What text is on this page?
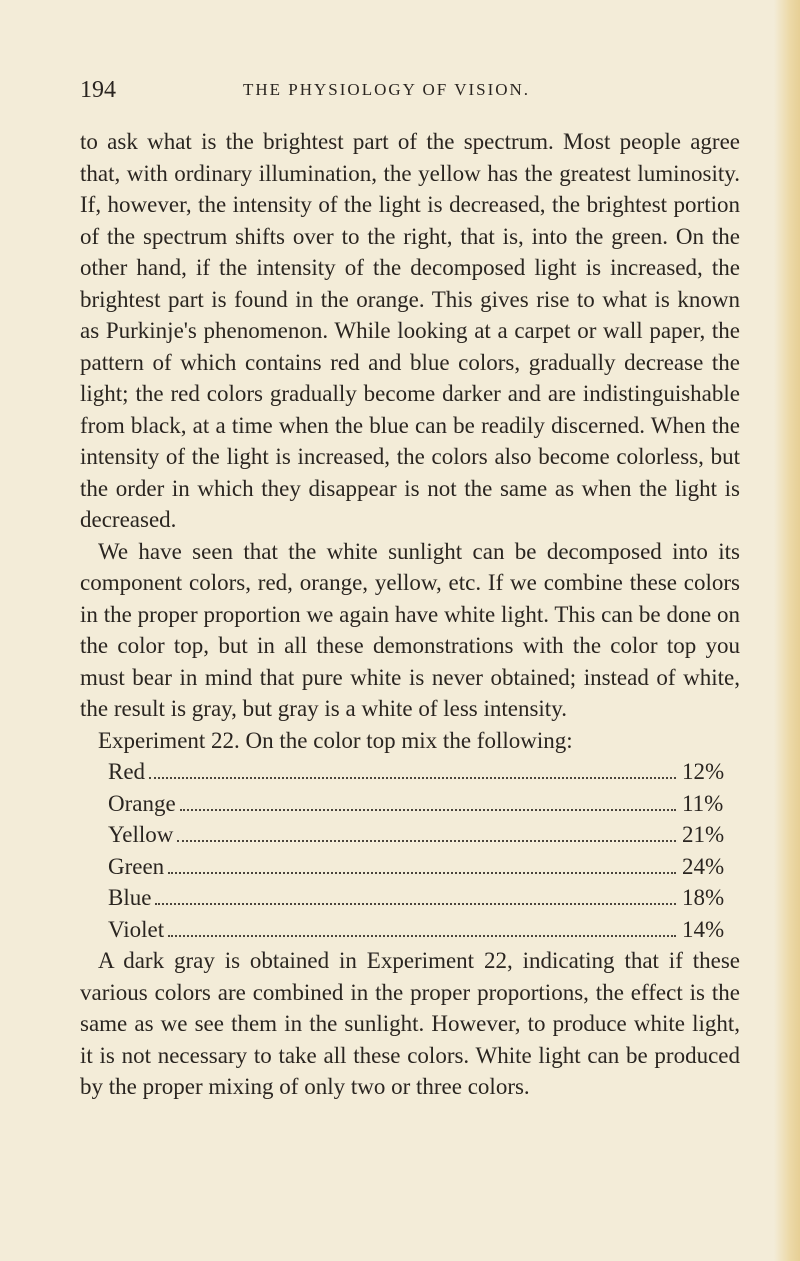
194	THE PHYSIOLOGY OF VISION.

to ask what is the brightest part of the spectrum. Most people agree that, with ordinary illumination, the yellow has the greatest luminosity. If, however, the intensity of the light is decreased, the brightest portion of the spectrum shifts over to the right, that is, into the green. On the other hand, if the intensity of the decomposed light is increased, the brightest part is found in the orange. This gives rise to what is known as Purkinje's phenomenon. While looking at a carpet or wall paper, the pattern of which contains red and blue colors, gradually decrease the light; the red colors gradually become darker and are indistinguishable from black, at a time when the blue can be readily discerned. When the intensity of the light is increased, the colors also become colorless, but the order in which they disappear is not the same as when the light is decreased.

We have seen that the white sunlight can be decomposed into its component colors, red, orange, yellow, etc. If we combine these colors in the proper proportion we again have white light. This can be done on the color top, but in all these demonstrations with the color top you must bear in mind that pure white is never obtained; instead of white, the result is gray, but gray is a white of less intensity.

Experiment 22. On the color top mix the following:

Red	12%
Orange	11%
Yellow	21%
Green	24%
Blue	18%
Violet	14%

A dark gray is obtained in Experiment 22, indicating that if these various colors are combined in the proper proportions, the effect is the same as we see them in the sunlight. However, to produce white light, it is not necessary to take all these colors. White light can be produced by the proper mixing of only two or three colors.
